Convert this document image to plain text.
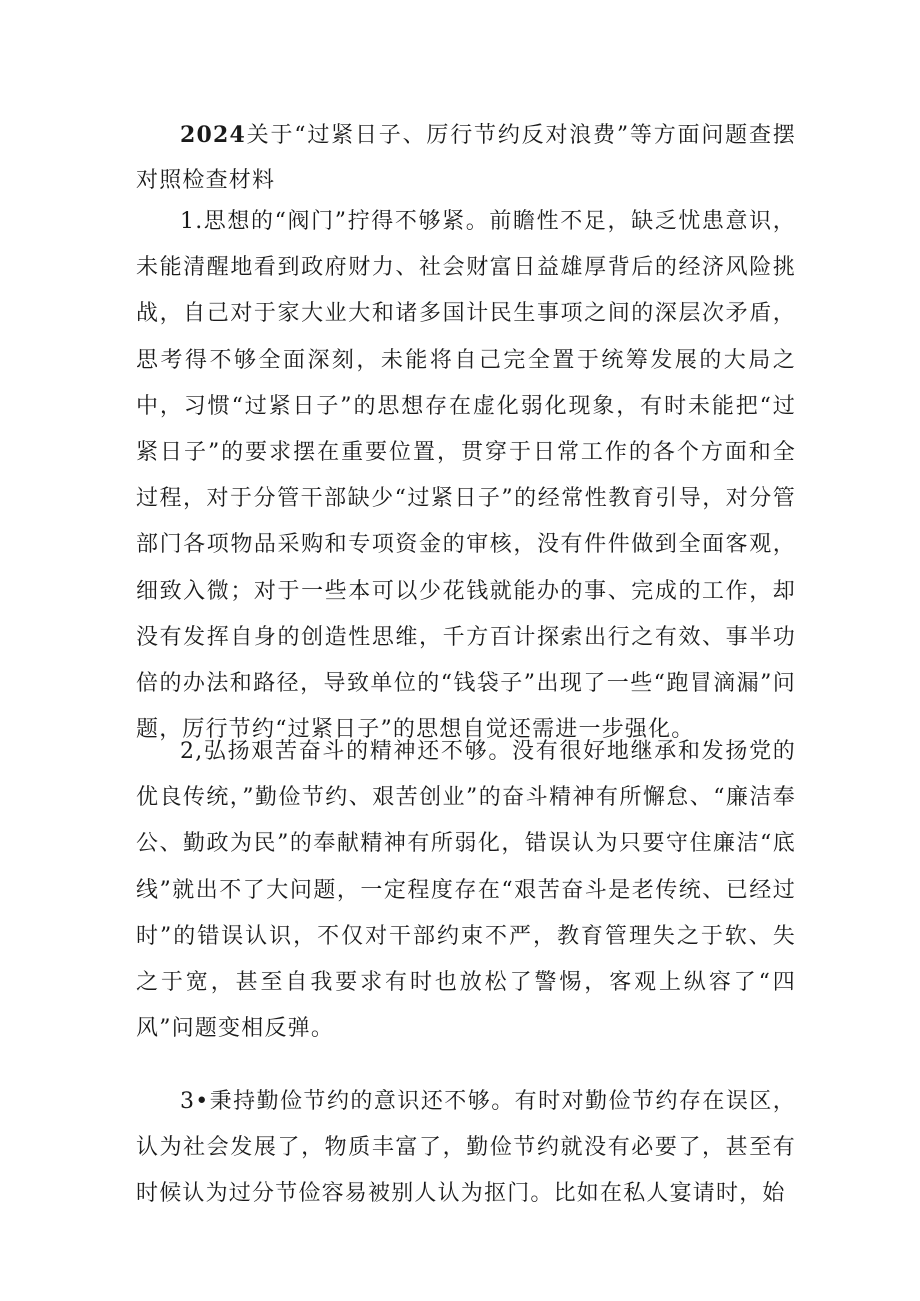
2024关于“过紧日子、厉行节约反对浪费”等方面问题查摆对照检查材料

1.思想的“阀门”拧得不够紧。前瞻性不足，缺乏忧患意识，未能清醒地看到政府财力、社会财富日益雄厚背后的经济风险挑战，自己对于家大业大和诸多国计民生事项之间的深层次矛盾，思考得不够全面深刻，未能将自己完全置于统筹发展的大局之中，习惯“过紧日子”的思想存在虚化弱化现象，有时未能把“过紧日子”的要求摆在重要位置，贯穿于日常工作的各个方面和全过程，对于分管干部缺少“过紧日子”的经常性教育引导，对分管部门各项物品采购和专项资金的审核，没有件件做到全面客观，细致入微；对于一些本可以少花钱就能办的事、完成的工作，却没有发挥自身的创造性思维，千方百计探索出行之有效、事半功倍的办法和路径，导致单位的“钱袋子”出现了一些“跑冒滴漏”问题，厉行节约“过紧日子”的思想自觉还需进一步强化。

2,弘扬艰苦奋斗的精神还不够。没有很好地继承和发扬党的优良传统，”勤俭节约、艰苦创业”的奋斗精神有所懈怠、“廉洁奉公、勤政为民”的奉献精神有所弱化，错误认为只要守住廉洁“底线”就出不了大问题，一定程度存在“艰苦奋斗是老传统、已经过时”的错误认识，不仅对干部约束不严，教育管理失之于软、失之于宽，甚至自我要求有时也放松了警惕，客观上纵容了“四风”问题变相反弹。

3•秉持勤俭节约的意识还不够。有时对勤俭节约存在误区，认为社会发展了，物质丰富了，勤俭节约就没有必要了，甚至有时候认为过分节俭容易被别人认为抠门。比如在私人宴请时，始
